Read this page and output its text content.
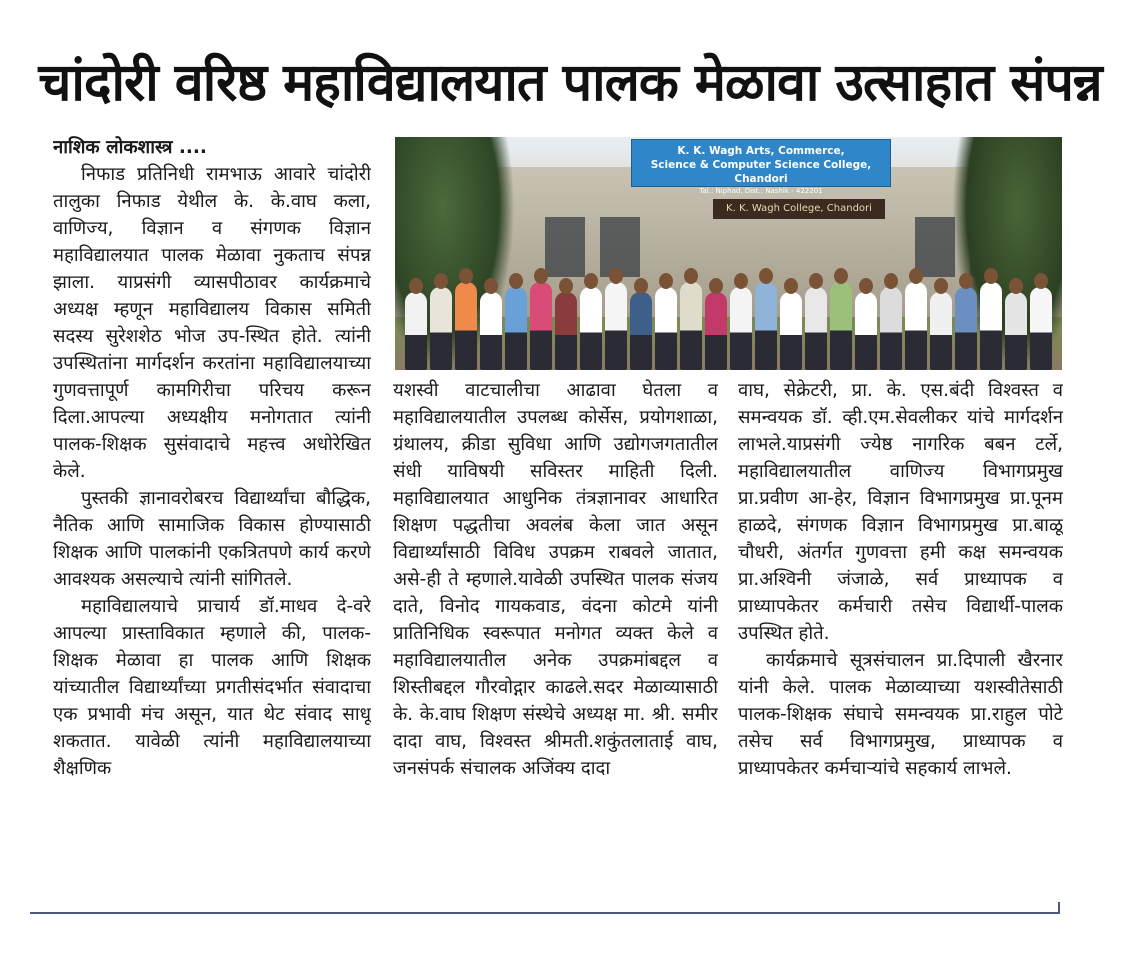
चांदोरी वरिष्ठ महाविद्यालयात पालक मेळावा उत्साहात संपन्न

नाशिक लोकशास्त्र ....

निफाड प्रतिनिधी रामभाऊ आवारे चांदोरी तालुका निफाड येथील के. के.वाघ कला, वाणिज्य, विज्ञान व संगणक विज्ञान महाविद्यालयात पालक मेळावा नुकताच संपन्न झाला. याप्रसंगी व्यासपीठावर कार्यक्रमाचे अध्यक्ष म्हणून महाविद्यालय विकास समिती सदस्य सुरेशशेठ भोज उप-स्थित होते. त्यांनी उपस्थितांना मार्गदर्शन करतांना महाविद्यालयाच्या गुणवत्तापूर्ण कामगिरीचा परिचय करून दिला.आपल्या अध्यक्षीय मनोगतात त्यांनी पालक-शिक्षक सुसंवादाचे महत्त्व अधोरेखित केले.

पुस्तकी ज्ञानावरोबरच विद्यार्थ्यांचा बौद्धिक, नैतिक आणि सामाजिक विकास होण्यासाठी शिक्षक आणि पालकांनी एकत्रितपणे कार्य करणे आवश्यक असल्याचे त्यांनी सांगितले.

महाविद्यालयाचे प्राचार्य डॉ.माधव दे-वरे आपल्या प्रास्ताविकात म्हणाले की, पालक-शिक्षक मेळावा हा पालक आणि शिक्षक यांच्यातील विद्यार्थ्यांच्या प्रगतीसंदर्भात संवादाचा एक प्रभावी मंच असून, यात थेट संवाद साधू शकतात. यावेळी त्यांनी महाविद्यालयाच्या शैक्षणिक

K. K. Wagh Arts, Commerce,
Science & Computer Science College, Chandori
Tal.: Niphad, Dist.: Nashik - 422201
K. K. Wagh College, Chandori

यशस्वी वाटचालीचा आढावा घेतला व महाविद्यालयातील उपलब्ध कोर्सेस, प्रयोगशाळा, ग्रंथालय, क्रीडा सुविधा आणि उद्योगजगतातील संधी याविषयी सविस्तर माहिती दिली. महाविद्यालयात आधुनिक तंत्रज्ञानावर आधारित शिक्षण पद्धतीचा अवलंब केला जात असून विद्यार्थ्यांसाठी विविध उपक्रम राबवले जातात, असे-ही ते म्हणाले.यावेळी उपस्थित पालक संजय दाते, विनोद गायकवाड, वंदना कोटमे यांनी प्रातिनिधिक स्वरूपात मनोगत व्यक्त केले व महाविद्यालयातील अनेक उपक्रमांबद्दल व शिस्तीबद्दल गौरवोद्गार काढले.सदर मेळाव्यासाठी के. के.वाघ शिक्षण संस्थेचे अध्यक्ष मा. श्री. समीर दादा वाघ, विश्वस्त श्रीमती.शकुंतलाताई वाघ, जनसंपर्क संचालक अजिंक्य दादा

वाघ, सेक्रेटरी, प्रा. के. एस.बंदी विश्वस्त व समन्वयक डॉ. व्ही.एम.सेवलीकर यांचे मार्गदर्शन लाभले.याप्रसंगी ज्येष्ठ नागरिक बबन टर्ले, महाविद्यालयातील वाणिज्य विभागप्रमुख प्रा.प्रवीण आ-हेर, विज्ञान विभागप्रमुख प्रा.पूनम हाळदे, संगणक विज्ञान विभागप्रमुख प्रा.बाळू चौधरी, अंतर्गत गुणवत्ता हमी कक्ष समन्वयक प्रा.अश्विनी जंजाळे, सर्व प्राध्यापक व प्राध्यापकेतर कर्मचारी तसेच विद्यार्थी-पालक उपस्थित होते.

कार्यक्रमाचे सूत्रसंचालन प्रा.दिपाली खैरनार यांनी केले. पालक मेळाव्याच्या यशस्वीतेसाठी पालक-शिक्षक संघाचे समन्वयक प्रा.राहुल पोटे तसेच सर्व विभागप्रमुख, प्राध्यापक व प्राध्यापकेतर कर्मचाऱ्यांचे सहकार्य लाभले.
